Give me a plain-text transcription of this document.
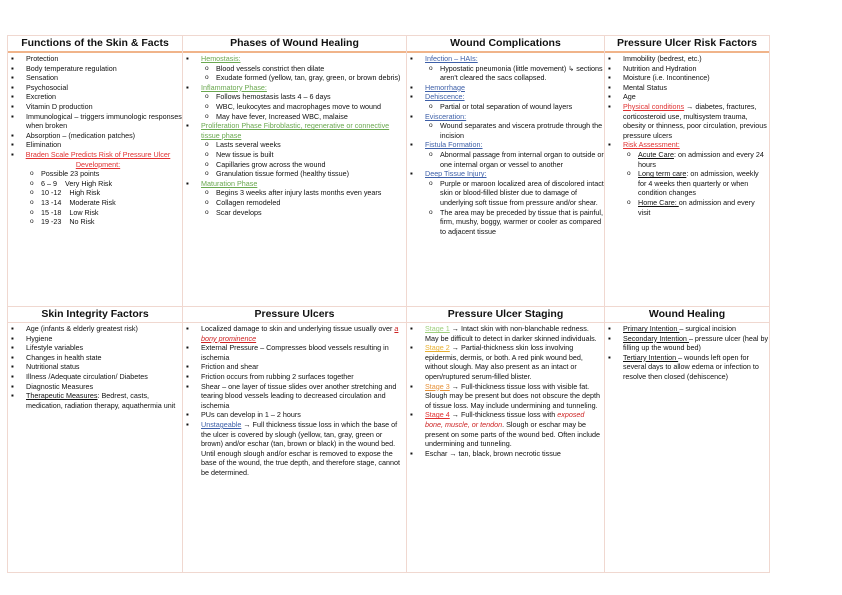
Functions of the Skin & Facts
▪ Protection
▪ Body temperature regulation
▪ Sensation
▪ Psychosocial
▪ Excretion
▪ Vitamin D production
▪ Immunological – triggers immunologic responses when broken
▪ Absorption – (medication patches)
▪ Elimination
▪ Braden Scale Predicts Risk of Pressure Ulcer Development:
o Possible 23 points
o 6 – 9    Very High Risk
o 10 -12    High Risk
o 13 -14    Moderate Risk
o 15 -18    Low Risk
o 19 -23    No Risk
Phases of Wound Healing
▪ Hemostasis:
o Blood vessels constrict then dilate
o Exudate formed (yellow, tan, gray, green, or brown debris)
▪ Inflammatory Phase:
o Follows hemostasis lasts 4 – 6 days
o WBC, leukocytes and macrophages move to wound
o May have fever, Increased WBC, malaise
▪ Proliferation Phase Fibroblastic, regenerative or connective tissue phase
o Lasts several weeks
o New tissue is built
o Capillaries grow across the wound
o Granulation tissue formed (healthy tissue)
▪ Maturation Phase
o Begins 3 weeks after injury lasts months even years
o Collagen remodeled
o Scar develops
Wound Complications
▪ Infection – HAIs:
o Hypostatic pneumonia (little movement) ↳ sections aren't cleared the sacs collapsed.
▪ Hemorrhage
▪ Dehiscence:
o Partial or total separation of wound layers
▪ Evisceration:
o Wound separates and viscera protrude through the incision
▪ Fistula Formation:
o Abnormal passage from internal organ to outside or one internal organ or vessel to another
▪ Deep Tissue Injury:
o Purple or maroon localized area of discolored intact skin or blood-filled blister due to damage of underlying soft tissue from pressure and/or shear.
o The area may be preceded by tissue that is painful, firm, mushy, boggy, warmer or cooler as compared to adjacent tissue
Pressure Ulcer Risk Factors
▪ Immobility (bedrest, etc.)
▪ Nutrition and Hydration
▪ Moisture (i.e. Incontinence)
▪ Mental Status
▪ Age
▪ Physical conditions → diabetes, fractures, corticosteroid use, multisystem trauma, obesity or thinness, poor circulation, previous pressure ulcers
▪ Risk Assessment:
o Acute Care: on admission and every 24 hours
o Long term care: on admission, weekly for 4 weeks then quarterly or when condition changes
o Home Care: on admission and every visit
Skin Integrity Factors
▪ Age (infants & elderly greatest risk)
▪ Hygiene
▪ Lifestyle variables
▪ Changes in health state
▪ Nutritional status
▪ Illness /Adequate circulation/ Diabetes
▪ Diagnostic Measures
▪ Therapeutic Measures: Bedrest, casts, medication, radiation therapy, aquathermia unit
Pressure Ulcers
▪ Localized damage to skin and underlying tissue usually over a bony prominence
▪ External Pressure – Compresses blood vessels resulting in ischemia
▪ Friction and shear
▪ Friction occurs from rubbing 2 surfaces together
▪ Shear – one layer of tissue slides over another stretching and tearing blood vessels leading to decreased circulation and ischemia
▪ PUs can develop in 1 – 2 hours
▪ Unstageable → Full thickness tissue loss in which the base of the ulcer is covered by slough (yellow, tan, gray, green or brown) and/or eschar (tan, brown or black) in the wound bed. Until enough slough and/or eschar is removed to expose the base of the wound, the true depth, and therefore stage, cannot be determined.
Pressure Ulcer Staging
▪ Stage 1 → Intact skin with non-blanchable redness. May be difficult to detect in darker skinned individuals.
▪ Stage 2 → Partial-thickness skin loss involving epidermis, dermis, or both. A red pink wound bed, without slough. May also present as an intact or open/ruptured serum-filled blister.
▪ Stage 3 → Full-thickness tissue loss with visible fat. Slough may be present but does not obscure the depth of tissue loss. May include undermining and tunneling.
▪ Stage 4 → Full-thickness tissue loss with exposed bone, muscle, or tendon. Slough or eschar may be present on some parts of the wound bed. Often include undermining and tunneling.
▪ Eschar → tan, black, brown necrotic tissue
Wound Healing
▪ Primary Intention – surgical incision
▪ Secondary Intention – pressure ulcer (heal by filling up the wound bed)
▪ Tertiary Intention – wounds left open for several days to allow edema or infection to resolve then closed (dehiscence)
